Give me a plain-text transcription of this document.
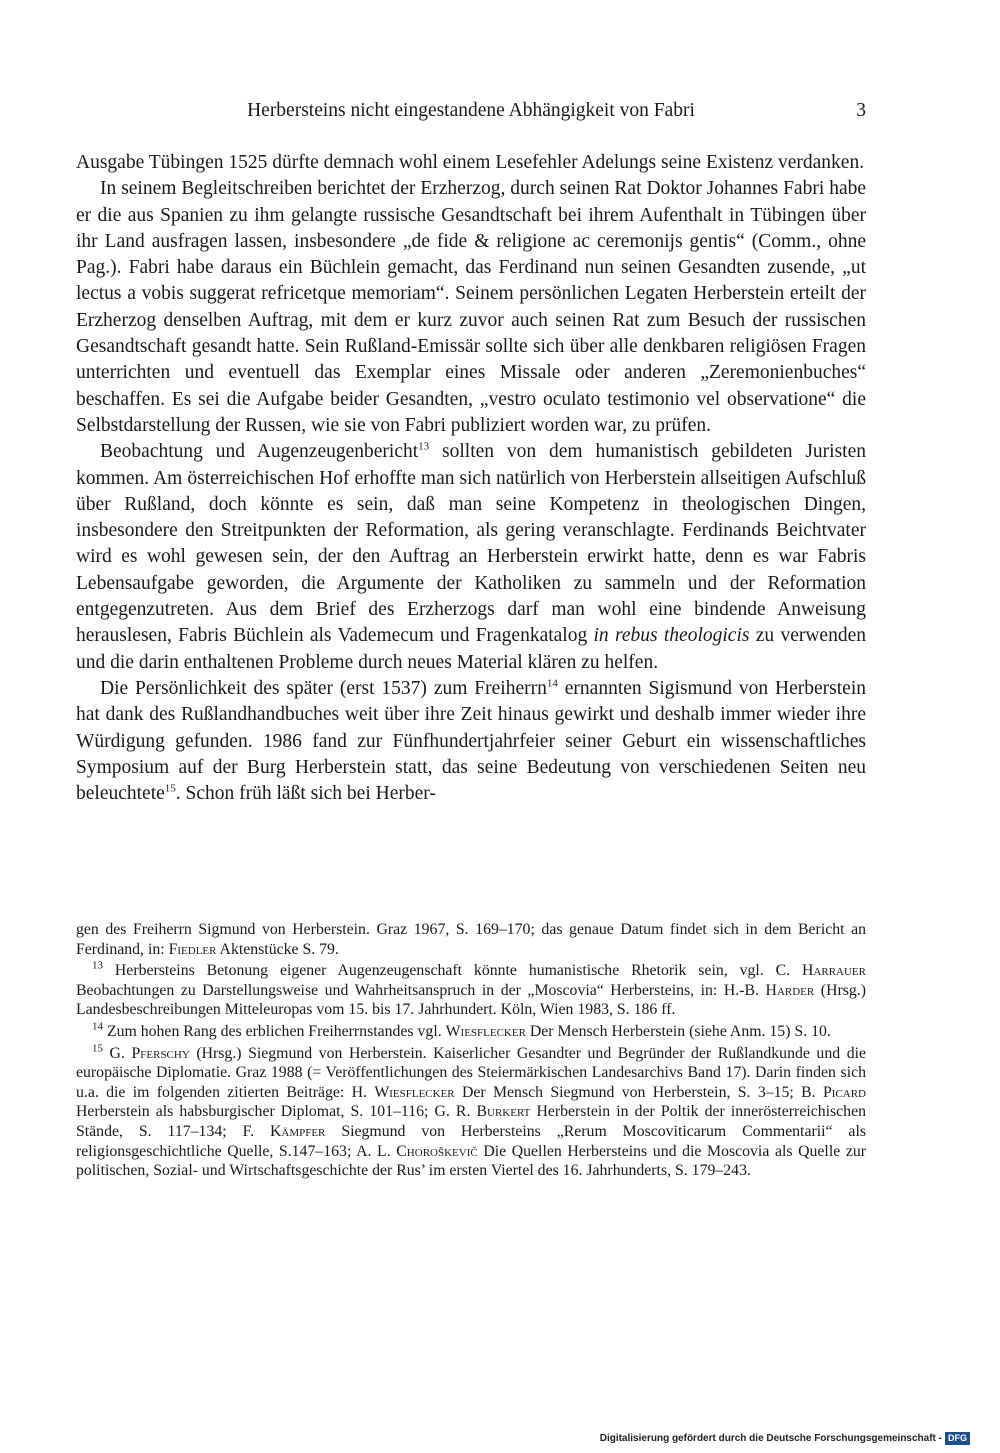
Herbersteins nicht eingestandene Abhängigkeit von Fabri	3

Ausgabe Tübingen 1525 dürfte demnach wohl einem Lesefehler Adelungs seine Existenz verdanken.

In seinem Begleitschreiben berichtet der Erzherzog, durch seinen Rat Doktor Johannes Fabri habe er die aus Spanien zu ihm gelangte russische Gesandtschaft bei ihrem Aufenthalt in Tübingen über ihr Land ausfragen lassen, insbesondere „de fide & religione ac ceremonijs gentis“ (Comm., ohne Pag.). Fabri habe daraus ein Büchlein gemacht, das Ferdinand nun seinen Gesandten zusende, „ut lectus a vobis suggerat refricetque memoriam“. Seinem persönlichen Legaten Herberstein erteilt der Erzherzog denselben Auftrag, mit dem er kurz zuvor auch seinen Rat zum Besuch der russischen Gesandtschaft gesandt hatte. Sein Rußland-Emissär sollte sich über alle denkbaren religiösen Fragen unterrichten und eventuell das Exemplar eines Missale oder anderen „Zeremonienbuches“ beschaffen. Es sei die Aufgabe beider Gesandten, „vestro oculato testimonio vel observatione“ die Selbstdarstellung der Russen, wie sie von Fabri publiziert worden war, zu prüfen.

Beobachtung und Augenzeugenbericht$^{13}$ sollten von dem humanistisch gebildeten Juristen kommen. Am österreichischen Hof erhoffte man sich natürlich von Herberstein allseitigen Aufschluß über Rußland, doch könnte es sein, daß man seine Kompetenz in theologischen Dingen, insbesondere den Streitpunkten der Reformation, als gering veranschlagte. Ferdinands Beichtvater wird es wohl gewesen sein, der den Auftrag an Herberstein erwirkt hatte, denn es war Fabris Lebensaufgabe geworden, die Argumente der Katholiken zu sammeln und der Reformation entgegenzutreten. Aus dem Brief des Erzherzogs darf man wohl eine bindende Anweisung herauslesen, Fabris Büchlein als Vademecum und Fragenkatalog in rebus theologicis zu verwenden und die darin enthaltenen Probleme durch neues Material klären zu helfen.

Die Persönlichkeit des später (erst 1537) zum Freiherrn$^{14}$ ernannten Sigismund von Herberstein hat dank des Rußlandhandbuches weit über ihre Zeit hinaus gewirkt und deshalb immer wieder ihre Würdigung gefunden. 1986 fand zur Fünfhundertjahrfeier seiner Geburt ein wissenschaftliches Symposium auf der Burg Herberstein statt, das seine Bedeutung von verschiedenen Seiten neu beleuchtete$^{15}$. Schon früh läßt sich bei Herber-

gen des Freiherrn Sigmund von Herberstein. Graz 1967, S. 169–170; das genaue Datum findet sich in dem Bericht an Ferdinand, in: Fiedler Aktenstücke S. 79.

$^{13}$ Herbersteins Betonung eigener Augenzeugenschaft könnte humanistische Rhetorik sein, vgl. C. Harrauer Beobachtungen zu Darstellungsweise und Wahrheitsanspruch in der „Moscovia“ Herbersteins, in: H.-B. Harder (Hrsg.) Landesbeschreibungen Mitteleuropas vom 15. bis 17. Jahrhundert. Köln, Wien 1983, S. 186 ff.

$^{14}$ Zum hohen Rang des erblichen Freiherrnstandes vgl. Wiesflecker Der Mensch Herberstein (siehe Anm. 15) S. 10.

$^{15}$ G. Pferschy (Hrsg.) Siegmund von Herberstein. Kaiserlicher Gesandter und Begründer der Rußlandkunde und die europäische Diplomatie. Graz 1988 (= Veröffentlichungen des Steiermärkischen Landesarchivs Band 17). Darin finden sich u.a. die im folgenden zitierten Beiträge: H. Wiesflecker Der Mensch Siegmund von Herberstein, S. 3–15; B. Picard Herberstein als habsburgischer Diplomat, S. 101–116; G. R. Burkert Herberstein in der Poltik der innerösterreichischen Stände, S. 117–134; F. Kämpfer Siegmund von Herbersteins „Rerum Moscoviticarum Commentarii“ als religionsgeschichtliche Quelle, S.147–163; A. L. Choroškevič Die Quellen Herbersteins und die Moscovia als Quelle zur politischen, Sozial- und Wirtschaftsgeschichte der Rus’ im ersten Viertel des 16. Jahrhunderts, S. 179–243.

Digitalisierung gefördert durch die Deutsche Forschungsgemeinschaft - DFG
